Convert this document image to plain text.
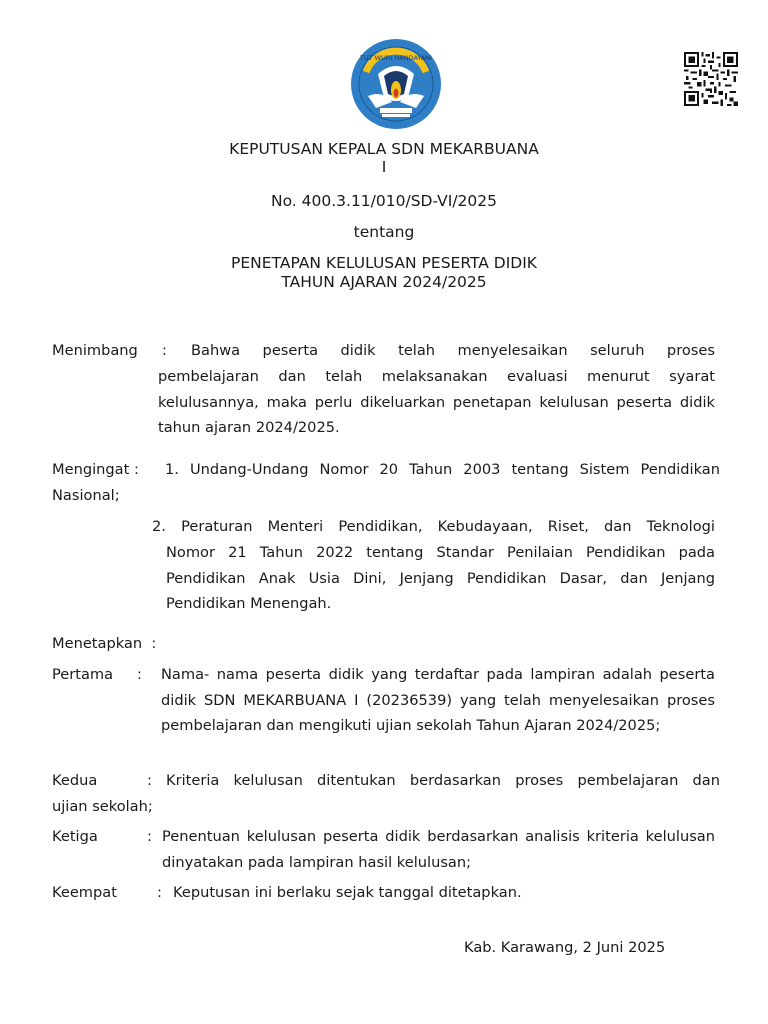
TUT WURI HANDAYANI
KEPUTUSAN KEPALA SDN MEKARBUANA
I
No. 400.3.11/010/SD-VI/2025
tentang
PENETAPAN KELULUSAN PESERTA DIDIK
TAHUN AJARAN 2024/2025
Menimbang : Bahwa peserta didik telah menyelesaikan seluruh proses
pembelajaran dan telah melaksanakan evaluasi menurut syarat kelulusannya, maka perlu dikeluarkan penetapan kelulusan peserta didik tahun ajaran 2024/2025.
Mengingat : 1. Undang-Undang Nomor 20 Tahun 2003 tentang Sistem Pendidikan
Nasional;
2. Peraturan Menteri Pendidikan, Kebudayaan, Riset, dan Teknologi
Nomor 21 Tahun 2022 tentang Standar Penilaian Pendidikan pada Pendidikan Anak Usia Dini, Jenjang Pendidikan Dasar, dan Jenjang Pendidikan Menengah.
Menetapkan  :
Pertama : Nama- nama peserta didik yang terdaftar pada lampiran adalah peserta didik SDN MEKARBUANA I (20236539) yang telah menyelesaikan proses pembelajaran dan mengikuti ujian sekolah Tahun Ajaran 2024/2025;
Kedua	: Kriteria kelulusan ditentukan berdasarkan proses pembelajaran dan
ujian sekolah;
Ketiga	: Penentuan kelulusan peserta didik berdasarkan analisis kriteria kelulusan dinyatakan pada lampiran hasil kelulusan;
Keempat	: Keputusan ini berlaku sejak tanggal ditetapkan.
Kab. Karawang, 2 Juni 2025
